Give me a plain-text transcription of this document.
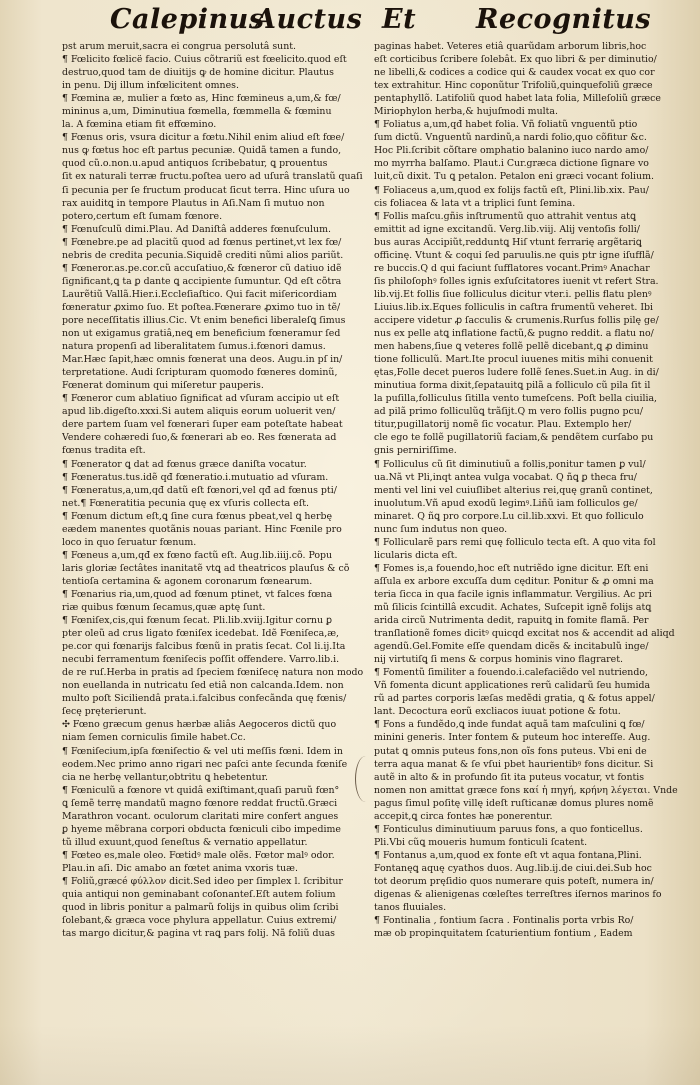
Calepinus
Auctus Et Recognitus
pst arum meruit,sacra ei congrua persolutâ sunt.
¶ Fœlicito fœlicë facio. Cuius cõtrariũ est fœelicito.quod eſt
destruo,quod tam de diuitijs ꝙ de homine dicitur. Plautus
in penu. Dij illum infœlicitent omnes.
¶ Fœmina æ, mulier a fœto as, Hinc fœmineus a,um,& fœ/
mininus a,um, Diminutiua fœmella, fœmmella & fœminu
la. A fœmina etiam fit effœmino.
¶ Fœnus oris, vsura dicitur a fœtu.Nihil enim aliud eſt fœe/
nus ꝙ fœtus hoc eſt partus pecuniæ. Quidã tamen a fundo,
quod cũ.o.non.u.apud antiquos ſcribebatur, ꝗ prouentus
ſit ex naturali terræ fructu.poſtea uero ad uſurâ translatũ quaſi
ſi pecunia per ſe fructum producat ſicut terra. Hinc uſura uo
rax auiditꝗ in tempore Plautus in Aſi.Nam ſi mutuo non
potero,certum eſt ſumam fœnore.
¶ Fœnuſculũ dimi.Plau. Ad Daniſtâ adderes fœnuſculum.
¶ Fœnebre.pe ad placitũ quod ad fœnus pertinet,vt lex fœ/
nebris de credita pecunia.Siquidẽ crediti nũmi alios pariũt.
¶ Fœneror.as.pe.cor.cũ accuſatiuo,& fœneror cũ datiuo idẽ
ſignificant,ꝗ ta ꝑ dante ꝗ accipiente ſumuntur. Qd eſt cõtra
Laurẽtiũ Vallã.Hier.i.Eccleſiaſtico. Qui facit miſericordiam
fœneratur ꝓximo ſuo. Et poſtea.Fœnerare ꝓximo tuo in tẽ/
pore neceſſitatis illius.Cic. Vt enim benefici liberaleſꝗ ſimus
non ut exigamus gratiâ,neꝗ em beneficium fœneramur ſed
natura propenſi ad liberalitatem ſumus.i.fœnori damus.
Mar.Hæc ſapit,hæc omnis fœnerat una deos. Augu.in pſ in/
terpretatione. Audi ſcripturam quomodo fœneres dominũ,
Fœnerat dominum qui miſeretur pauperis.
¶ Fœneror cum ablatiuo ſignificat ad vſuram accipio ut eſt
apud lib.digeſto.xxxi.Si autem aliquis eorum uoluerit ven/
dere partem ſuam vel fœnerari ſuper eam poteſtate habeat
Vendere cohæredi ſuo,& fœnerari ab eo. Res fœnerata ad
fœnus tradita eſt.
¶ Fœnerator ꝗ dat ad fœnus græce daniſta vocatur.
¶ Fœneratus.tus.idẽ qđ fœneratio.i.mutuatio ad vſuram.
¶ Fœneratus,a,um,qđ datũ eſt fœnori,vel qđ ad fœnus pti/
net.¶ Fœneratitia pecunia quę ex vſuris collecta eſt.
¶ Fœnum dictum eſt,ꝗ ſine cura fœnus pbeat,vel ꝗ herbę
eædem manentes quotãnis nouas pariant. Hinc Fœnile pro
loco in quo ſeruatur fœnum.
¶ Fœneus a,um,qđ ex fœno factũ eſt. Aug.lib.iiij.cõ. Popu
laris gloriæ ſectâtes inanitatẽ vtꝗ ad theatricos plauſus & cõ
tentioſa certamina & agonem coronarum fœnearum.
¶ Fœnarius ria,um,quod ad fœnum ptinet, vt falces fœna
riæ quibus fœnum ſecamus,quæ aptę ſunt.
¶ Fœniſex,cis,qui fœnum ſecat. Pli.lib.xviij.Igitur cornu ꝑ
pter oleũ ad crus ligato fœniſex icedebat. Idẽ Fœniſeca,æ,
pe.cor qui fœnarijs falcibus fœnũ in pratis ſecat. Col li.ij.Ita
necubi ferramentum fœniſecis poſſit offendere. Varro.lib.i.
de re ruſ.Herba in pratis ad ſpeciem fœniſecę natura non modo
non euellanda in nutricatu ſed etiâ non calcanda.Idem. non
multo poſt Siciliendâ prata.i.falcibus confecãnda quę fœnis/
ſecę pręterierunt.
✣ Fœno grӕcum genus hærbæ aliâs Aegoceros dictũ quo
niam ſemen corniculis ſimile habet.Cc.
¶ Fœniſecium,ipſa fœniſectio & vel uti meſſis fœni. Idem in
eodem.Nec primo anno rigari nec paſci ante ſecunda fœniſe
cia ne herbę vellantur,obtritu ꝗ hebetentur.
¶ Fœniculũ a fœnore vt quidâ exiſtimant,quaſi paruũ fœn°
ꝗ ſemẽ terrę mandatũ magno fœnore reddat fructũ.Grӕci
Marathron vocant. oculorum claritati mire confert angues
ꝑ hyeme mẽbrana corpori obducta fœniculi cibo impedime
tũ illud exuunt,quod ſeneſtus & vernatio appellatur.
¶ Fœteo es,male oleo. Fœtidꝰ male olẽs. Fœtor malꝰ odor.
Plau.in aſi. Dic amabo an fœtet anima vxoris tuæ.
¶ Foliũ,grӕcé φύλλον dicit.Sed ideo per ſimplex l. ſcribitur
quia antiqui non geminabant coſonanteſ.Eſt autem folium
quod in libris ponitur a palmarũ folijs in quibus olim ſcribi
ſolebant,& grӕca voce phylura appellatur. Cuius extremi/
tas margo dicitur,& pagina vt raꝗ pars folij. Nã foliũ duas
paginas habet. Veteres etiâ quarũdam arborum libris,hoc
eſt corticibus ſcribere ſolebât. Ex quo libri & per diminutio/
ne libelli,& codices a codice qui & caudex vocat ex quo cor
tex extrahitur. Hinc coponũtur Trifoliũ,quinquefoliũ grӕce
pentaphyllõ. Latifoliũ quod habet lata folia, Milleſoliũ grӕce
Miriophylon herba,& hujuſmodi multa.
¶ Foliatus a,um,qđ habet folia. Vñ foliatũ vnguentũ ptio
ſum dictũ. Vnguentũ nardinũ,a nardi folio,quo cõfitur &c.
Hoc Pli.ſcribit cõſtare omphatio balanino iuco nardo amo/
mo myrrha balſamo. Plaut.i Cur.grӕca dictione ſignare vo
luit,cũ dixit. Tu ꝗ petalon. Petalon eni grӕci vocant folium.
¶ Foliaceus a,um,quod ex folijs factũ eſt, Plini.lib.xix. Pau/
cis foliacea & lata vt a triplici ſunt ſemina.
¶ Follis maſcu.gñis inſtrumentũ quo attrahit ventus atꝗ
emittit ad igne excitandũ. Verg.lib.viij. Alij ventoſis folli/
bus auras Accipiũt,redduntꝗ Hiſ vtunt ferrarię argẽtariꝗ
officinę. Vtunt & coqui ſed paruulis.ne quis ptr igne iſufflã/
re buccis.Q d qui faciunt ſufflatores vocant.Primꝰ Anachar
ſis philoſophꝰ folles ignis exſuſcitatores iuenit vt refert Stra.
lib.vij.Et follis ſiue folliculus dicitur vter.i. pellis flatu plenꝰ
Liuius.lib.ix.Eques folliculis in caſtra frumentũ veheret. Ibi
accipere videtur ꝓ ſacculis & crumenis.Rurſus follis pilę ge/
nus ex pelle atꝗ inflatione factũ,& pugno reddit. a flatu no/
men habens,ſiue ꝗ veteres follẽ pellẽ dicebant,ꝗ ꝓ diminu
tione folliculũ. Mart.Ite procul iuuenes mitis mihi conuenit
ętas,Folle decet pueros ludere follẽ ſenes.Suet.in Aug. in di/
minutiua forma dixit,ſepatauitꝗ pilã a folliculo cũ pila ſit il
la puſilla,folliculus ſitilla vento tumeſcens. Poſt bella ciuilia,
ad pilã primo folliculũꝗ trãſijt.Q m vero follis pugno pcu/
titur,pugillatorij nomẽ ſic vocatur. Plau. Extemplo her/
cle ego te follẽ pugillatoriũ faciam,& pendẽtem curſabo pu
gnis perniriſſime.
¶ Folliculus cũ ſit diminutiuũ a follis,ponitur tamen ꝑ vul/
ua.Nã vt Pli,inqt antea vulga vocabat. Q ñꝗ ꝑ theca fru/
menti vel lini vel cuiuſlibet alterius rei,quę granũ continet,
inuolutum.Vñ apud exodũ legimꝰ.Liñũ iam folliculos ge/
minaret. Q ñꝗ pro corpore.Lu cil.lib.xxvi. Et quo folliculo
nunc ſum indutus non queo.
¶ Follicularẽ pars remi quę folliculo tecta eſt. A quo vita fol
licularis dicta eſt.
¶ Fomes is,a fouendo,hoc eſt nutriẽdo igne dicitur. Eſt eni
aſſula ex arbore excuſſa dum cęditur. Ponitur & ꝓ omni ma
teria ſicca in qua facile ignis inflammatur. Vergilius. Ac pri
mũ ſilicis ſcintillâ excudit. Achates, Suſcepit ignẽ folijs atꝗ
arida circũ Nutrimenta dedit, rapuitꝗ in fomite flamã. Per
tranſlationẽ fomes dicitꝰ quicqd excitat nos & accendit ad aliqd
agendũ.Gel.Fomite eſſe quendam dicẽs & incitabulũ inge/
nij virtutiſꝗ ſi mens & corpus hominis vino flagraret.
¶ Fomentũ ſimiliter a fouendo.i.calefaciẽdo vel nutriendo,
Vñ fomenta dicunt applicationes rerũ calidarũ ſeu humida
rũ ad partes corporis læſas medẽdi gratia, ꝗ & fotus appel/
lant. Decoctura eorũ excliacos iuuat potione & fotu.
¶ Fons a fundẽdo,ꝗ inde fundat aquã tam maſculini ꝗ fœ/
minini generis. Inter fontem & puteum hoc intereſſe. Aug.
putat ꝗ omnis puteus fons,non oĩs fons puteus. Vbi eni de
terra aqua manat & ſe vſui pbet haurientibꝰ fons dicitur. Si
autẽ in alto & in profundo ſit ita puteus vocatur, vt fontis
nomen non amittat grӕce fons καί ἡ πηγή, κρήνη λέγεται. Vnde
pagus ſimul poſitę villę ideſt ruſticanæ domus plures nomẽ
accepit,ꝗ circa fontes hæ ponerentur.
¶ Fonticulus diminutiuum paruus fons, a quo fonticellus.
Pli.Vbi cũꝗ moueris humum fonticuli ſcatent.
¶ Fontanus a,um,quod ex fonte eſt vt aqua fontana,Plini.
Fontanęꝗ aquę cyathos duos. Aug.lib.ij.de ciui.dei.Sub hoc
tot deorum pręſidio quos numerare quis poteſt, numera in/
digenas & alienigenas cœleſtes terreſtres iſernos marinos fo
tanos fluuiales.
¶ Fontinalia , fontium ſacra . Fontinalis porta vrbis Ro/
mæ ob propinquitatem ſcaturientium fontium , Eadem
